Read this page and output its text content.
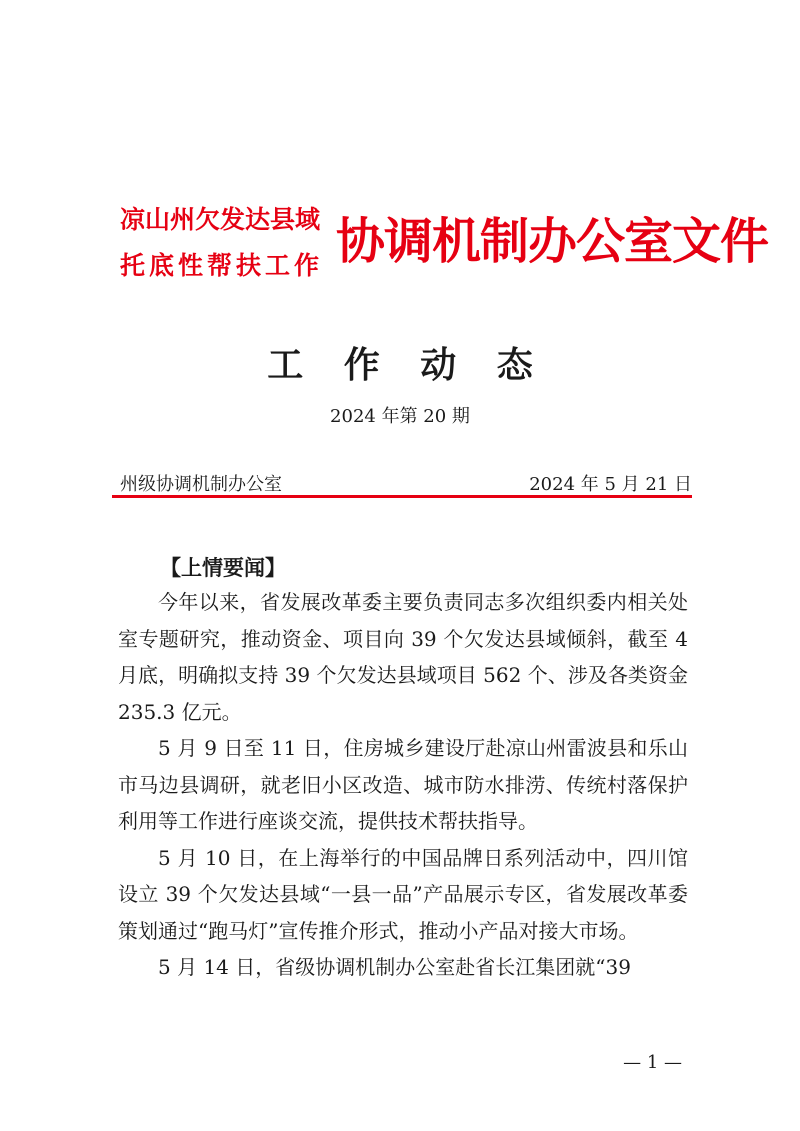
凉山州欠发达县域
托底性帮扶工作 协调机制办公室文件
工 作 动 态
2024 年第 20 期
州级协调机制办公室	2024 年 5 月 21 日
【上情要闻】

今年以来，省发展改革委主要负责同志多次组织委内相关处室专题研究，推动资金、项目向 39 个欠发达县域倾斜，截至 4 月底，明确拟支持 39 个欠发达县域项目 562 个、涉及各类资金 235.3 亿元。

5 月 9 日至 11 日，住房城乡建设厅赴凉山州雷波县和乐山市马边县调研，就老旧小区改造、城市防水排涝、传统村落保护利用等工作进行座谈交流，提供技术帮扶指导。

5 月 10 日，在上海举行的中国品牌日系列活动中，四川馆设立 39 个欠发达县域“一县一品”产品展示专区，省发展改革委策划通过“跑马灯”宣传推介形式，推动小产品对接大市场。

5 月 14 日，省级协调机制办公室赴省长江集团就“39

— 1 —
